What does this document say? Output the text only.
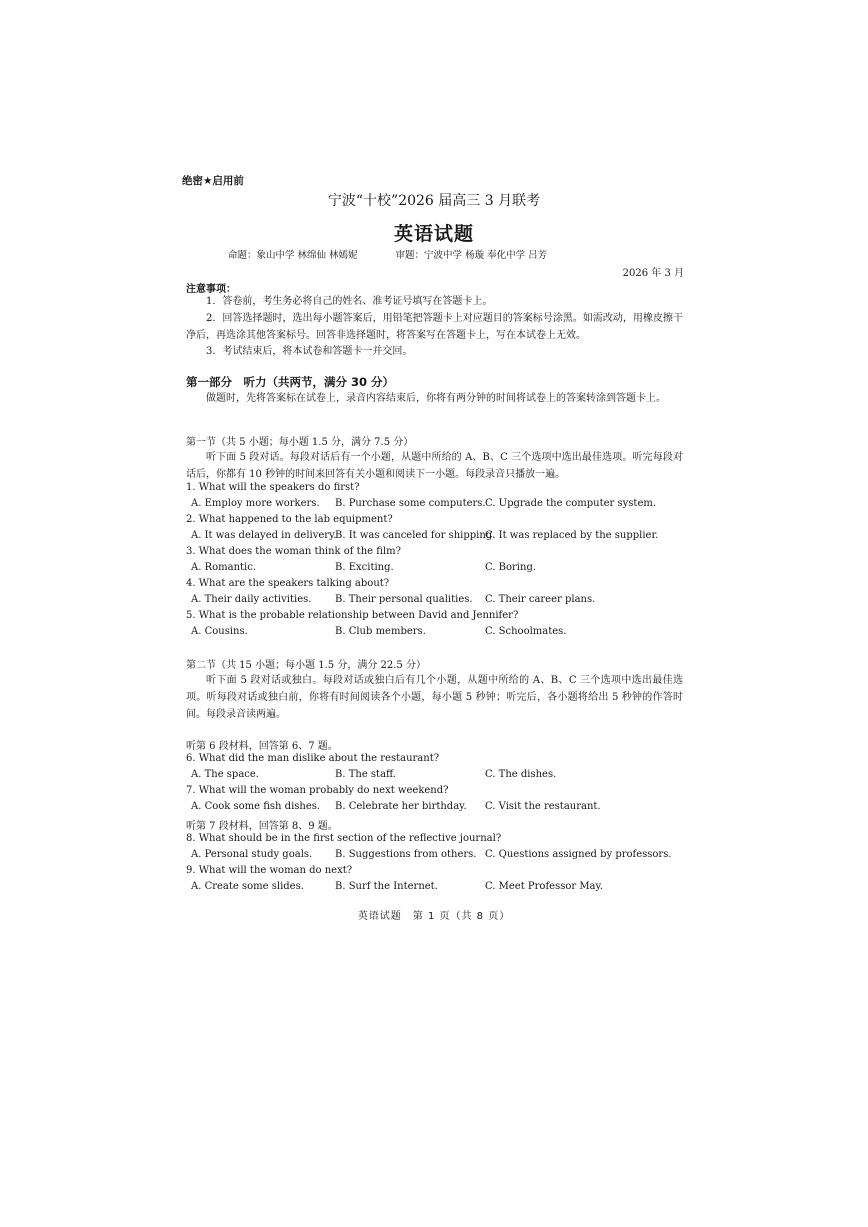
绝密★启用前
宁波“十校”2026 届高三 3 月联考
英语试题
命题：象山中学 林绵仙 林嫣妮	审题：宁波中学 杨璇 奉化中学 吕芳
2026 年 3 月
注意事项：
1．答卷前，考生务必将自己的姓名、准考证号填写在答题卡上。
2．回答选择题时，选出每小题答案后，用铅笔把答题卡上对应题目的答案标号涂黑。如需改动，用橡皮擦干净后，再选涂其他答案标号。回答非选择题时，将答案写在答题卡上，写在本试卷上无效。
3．考试结束后，将本试卷和答题卡一并交回。
第一部分　听力（共两节，满分 30 分）
做题时，先将答案标在试卷上，录音内容结束后，你将有两分钟的时间将试卷上的答案转涂到答题卡上。
第一节（共 5 小题；每小题 1.5 分，满分 7.5 分）
听下面 5 段对话。每段对话后有一个小题，从题中所给的 A、B、C 三个选项中选出最佳选项。听完每段对话后，你都有 10 秒钟的时间来回答有关小题和阅读下一小题。每段录音只播放一遍。
1. What will the speakers do first?
A. Employ more workers. B. Purchase some computers. C. Upgrade the computer system.
2. What happened to the lab equipment?
A. It was delayed in delivery.
B. It was canceled for shipping.
C. It was replaced by the supplier.
3. What does the woman think of the film?
A. Romantic.	B. Exciting.	C. Boring.
4. What are the speakers talking about?
A. Their daily activities. B. Their personal qualities. C. Their career plans.
5. What is the probable relationship between David and Jennifer?
A. Cousins.	B. Club members.	C. Schoolmates.
第二节（共 15 小题；每小题 1.5 分，满分 22.5 分）
听下面 5 段对话或独白。每段对话或独白后有几个小题，从题中所给的 A、B、C 三个选项中选出最佳选项。听每段对话或独白前，你将有时间阅读各个小题，每小题 5 秒钟；听完后，各小题将给出 5 秒钟的作答时间。每段录音读两遍。
听第 6 段材料，回答第 6、7 题。
6. What did the man dislike about the restaurant?
A. The space.	B. The staff.	C. The dishes.
7. What will the woman probably do next weekend?
A. Cook some fish dishes. B. Celebrate her birthday. C. Visit the restaurant.
听第 7 段材料，回答第 8、9 题。
8. What should be in the first section of the reflective journal?
A. Personal study goals. B. Suggestions from others. C. Questions assigned by professors.
9. What will the woman do next?
A. Create some slides.	B. Surf the Internet.	C. Meet Professor May.
英语试题　第 1 页（共 8 页）
